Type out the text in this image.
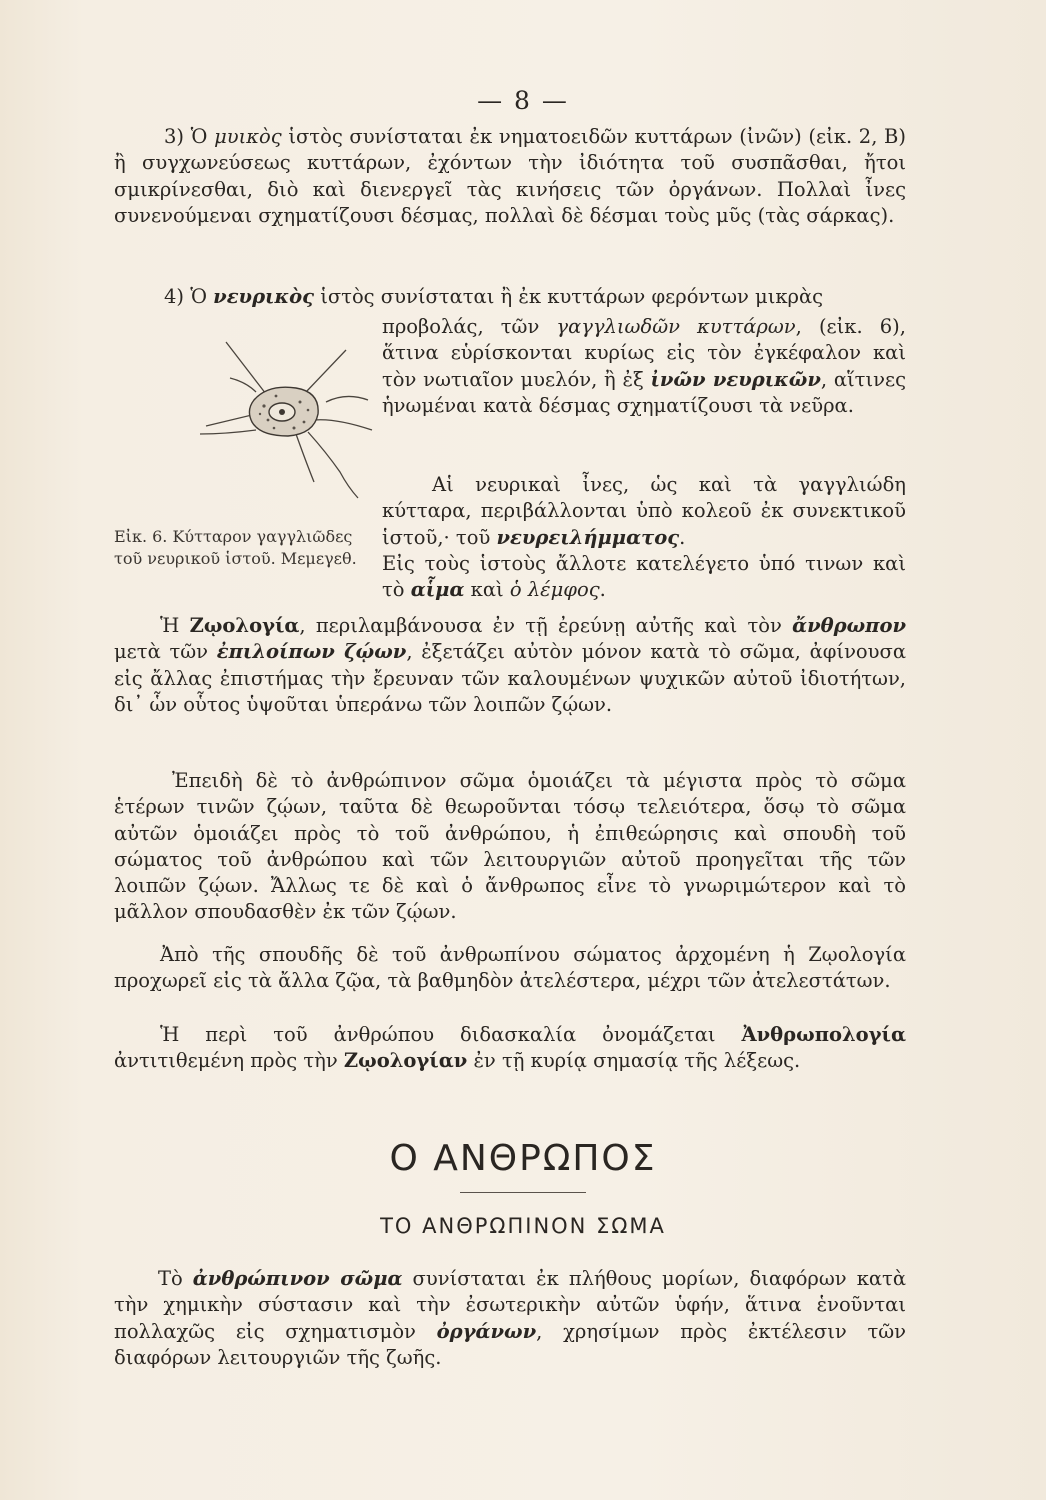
— 8 —

3) Ὁ μυικὸς ἱστὸς συνίσταται ἐκ νηματοειδῶν κυττάρων (ἰνῶν) (εἰκ. 2, Β) ἢ συγχωνεύσεως κυττάρων, ἐχόντων τὴν ἰδιότητα τοῦ συσπᾶσθαι, ἤτοι σμικρίνεσθαι, διὸ καὶ διενεργεῖ τὰς κινήσεις τῶν ὀργάνων. Πολλαὶ ἶνες συνενούμεναι σχηματίζουσι δέσμας, πολλαὶ δὲ δέσμαι τοὺς μῦς (τὰς σάρκας).

4) Ὁ νευρικὸς ἱστὸς συνίσταται ἢ ἐκ κυττάρων φερόντων μικρὰς

προβολάς, τῶν γαγγλιωδῶν κυττάρων, (εἰκ. 6), ἅτινα εὑρίσκονται κυρίως εἰς τὸν ἐγκέφαλον καὶ τὸν νωτιαῖον μυελόν, ἢ ἐξ ἰνῶν νευρικῶν, αἵτινες ἡνωμέναι κατὰ δέσμας σχηματίζουσι τὰ νεῦρα.

Αἱ νευρικαὶ ἶνες, ὡς καὶ τὰ γαγγλιώδη κύτταρα, περιβάλλονται ὑπὸ κολεοῦ ἐκ συνεκτικοῦ ἱστοῦ,· τοῦ νευρειλήμματος.
Εἰς τοὺς ἱστοὺς ἄλλοτε κατελέγετο ὑπό τινων καὶ τὸ αἷμα καὶ ὁ λέμφος.

Εἰκ. 6. Κύτταρον γαγγλιῶδες τοῦ νευρικοῦ ἱστοῦ. Μεμεγεθ.

Ἡ Ζῳολογία, περιλαμβάνουσα ἐν τῇ ἐρεύνῃ αὐτῆς καὶ τὸν ἄνθρωπον μετὰ τῶν ἐπιλοίπων ζῴων, ἐξετάζει αὐτὸν μόνον κατὰ τὸ σῶμα, ἀφίνουσα εἰς ἄλλας ἐπιστήμας τὴν ἔρευναν τῶν καλουμένων ψυχικῶν αὐτοῦ ἰδιοτήτων, δι᾽ ὧν οὗτος ὑψοῦται ὑπεράνω τῶν λοιπῶν ζῴων.

Ἐπειδὴ δὲ τὸ ἀνθρώπινον σῶμα ὁμοιάζει τὰ μέγιστα πρὸς τὸ σῶμα ἑτέρων τινῶν ζῴων, ταῦτα δὲ θεωροῦνται τόσῳ τελειότερα, ὅσῳ τὸ σῶμα αὐτῶν ὁμοιάζει πρὸς τὸ τοῦ ἀνθρώπου, ἡ ἐπιθεώρησις καὶ σπουδὴ τοῦ σώματος τοῦ ἀνθρώπου καὶ τῶν λειτουργιῶν αὐτοῦ προηγεῖται τῆς τῶν λοιπῶν ζῴων. Ἄλλως τε δὲ καὶ ὁ ἄνθρωπος εἶνε τὸ γνωριμώτερον καὶ τὸ μᾶλλον σπουδασθὲν ἐκ τῶν ζῴων.

Ἀπὸ τῆς σπουδῆς δὲ τοῦ ἀνθρωπίνου σώματος ἀρχομένη ἡ Ζῳολογία προχωρεῖ εἰς τὰ ἄλλα ζῷα, τὰ βαθμηδὸν ἀτελέστερα, μέχρι τῶν ἀτελεστάτων.

Ἡ περὶ τοῦ ἀνθρώπου διδασκαλία ὀνομάζεται Ἀνθρωπολογία ἀντιτιθεμένη πρὸς τὴν Ζῳολογίαν ἐν τῇ κυρίᾳ σημασίᾳ τῆς λέξεως.

Ο ΑΝΘΡΩΠΟΣ
ΤΟ ΑΝΘΡΩΠΙΝΟΝ ΣΩΜΑ

Τὸ ἀνθρώπινον σῶμα συνίσταται ἐκ πλήθους μορίων, διαφόρων κατὰ τὴν χημικὴν σύστασιν καὶ τὴν ἐσωτερικὴν αὐτῶν ὑφήν, ἅτινα ἑνοῦνται πολλαχῶς εἰς σχηματισμὸν ὀργάνων, χρησίμων πρὸς ἐκτέλεσιν τῶν διαφόρων λειτουργιῶν τῆς ζωῆς.
